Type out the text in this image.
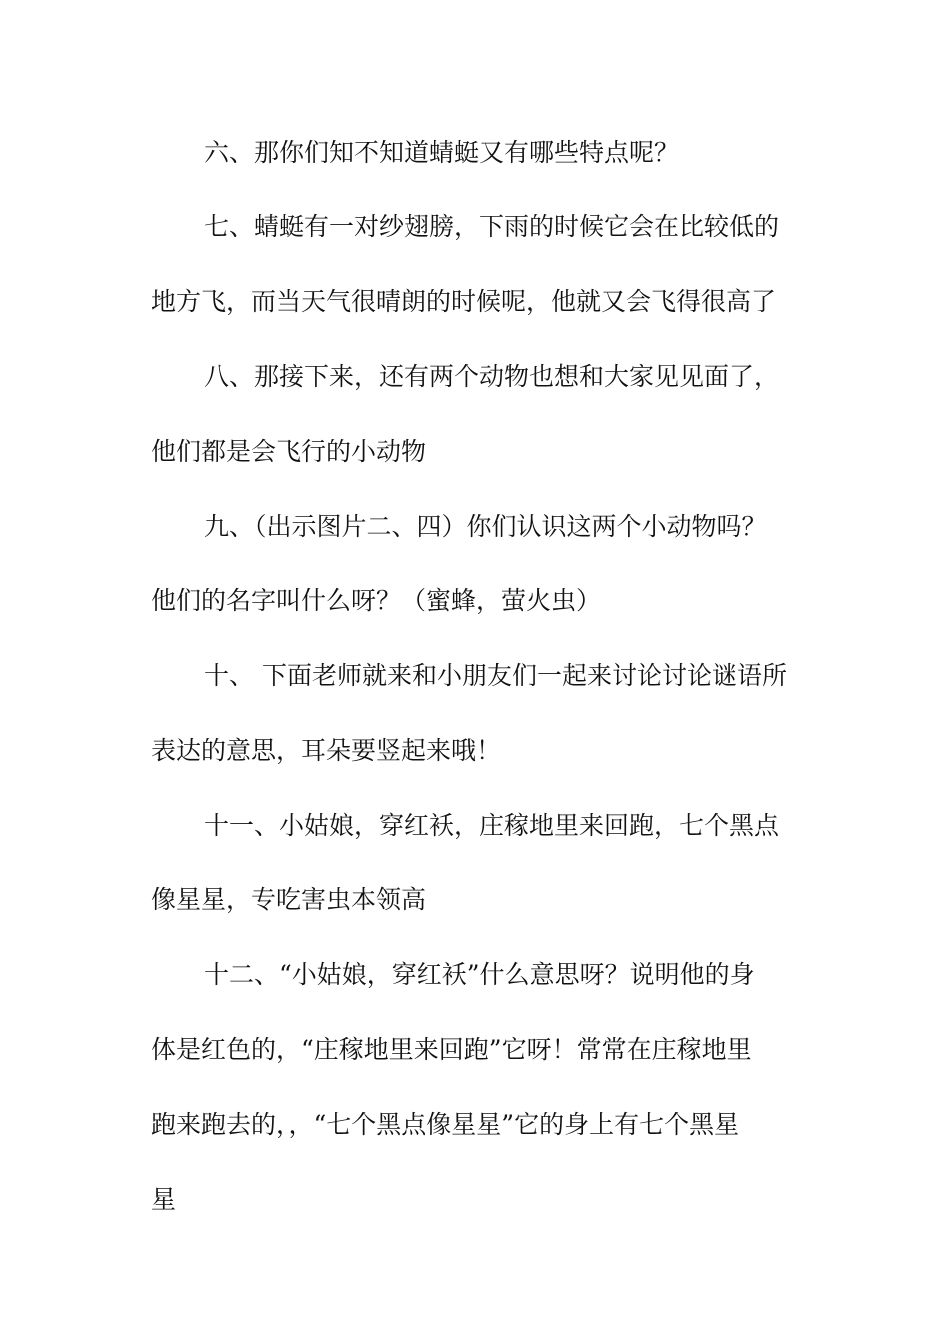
六、那你们知不知道蜻蜓又有哪些特点呢？

七、蜻蜓有一对纱翅膀，下雨的时候它会在比较低的

地方飞，而当天气很晴朗的时候呢，他就又会飞得很高了

八、那接下来，还有两个动物也想和大家见见面了，

他们都是会飞行的小动物

九、（出示图片二、四）你们认识这两个小动物吗？

他们的名字叫什么呀？（蜜蜂，萤火虫）

十、 下面老师就来和小朋友们一起来讨论讨论谜语所

表达的意思，耳朵要竖起来哦！

十一、小姑娘，穿红袄，庄稼地里来回跑，七个黑点

像星星，专吃害虫本领高

十二、“小姑娘，穿红袄”什么意思呀？说明他的身

体是红色的，“庄稼地里来回跑”它呀！常常在庄稼地里

跑来跑去的，，“七个黑点像星星”它的身上有七个黑星

星
